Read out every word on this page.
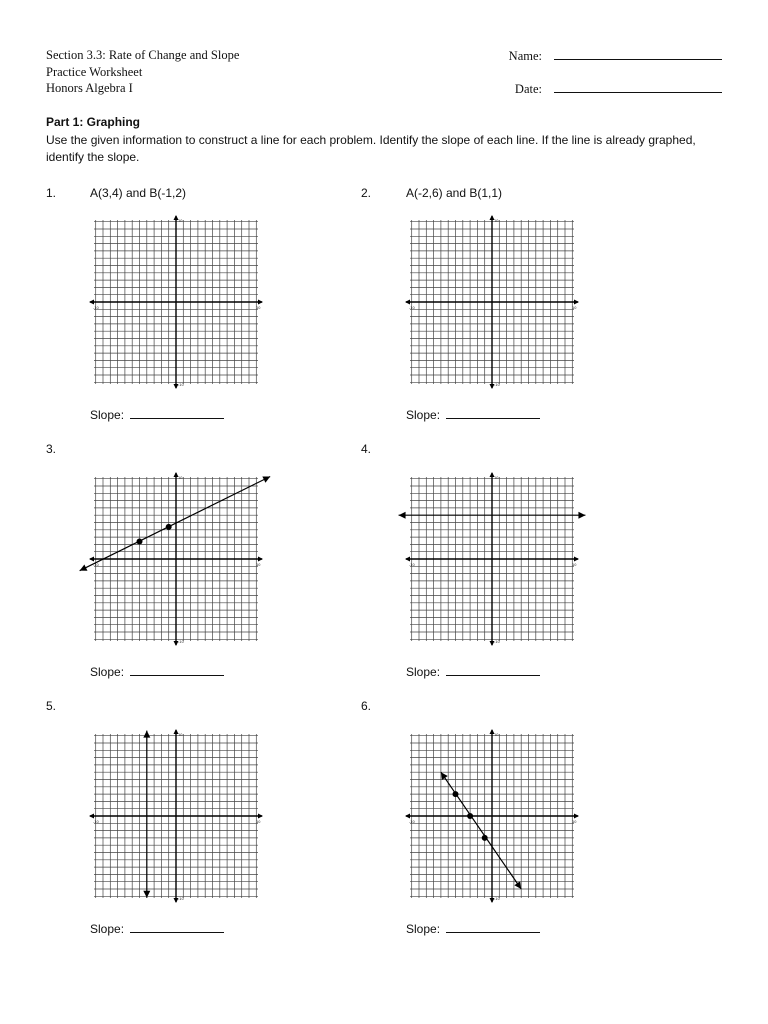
Section 3.3: Rate of Change and Slope
Practice Worksheet
Honors Algebra I
Name:
Date:
Part 1: Graphing
Use the given information to construct a line for each problem. Identify the slope of each line. If the line is already graphed, identify the slope.
1.	A(3,4) and B(-1,2)
10
-10
10
-10
Slope:
2.	A(-2,6) and B(1,1)
10
-10
10
-10
Slope:
3.
10
-10
10
-10
Slope:
4.
10
-10
10
-10
Slope:
5.
10
-10
10
-10
Slope:
6.
10
-10
10
-10
Slope:
